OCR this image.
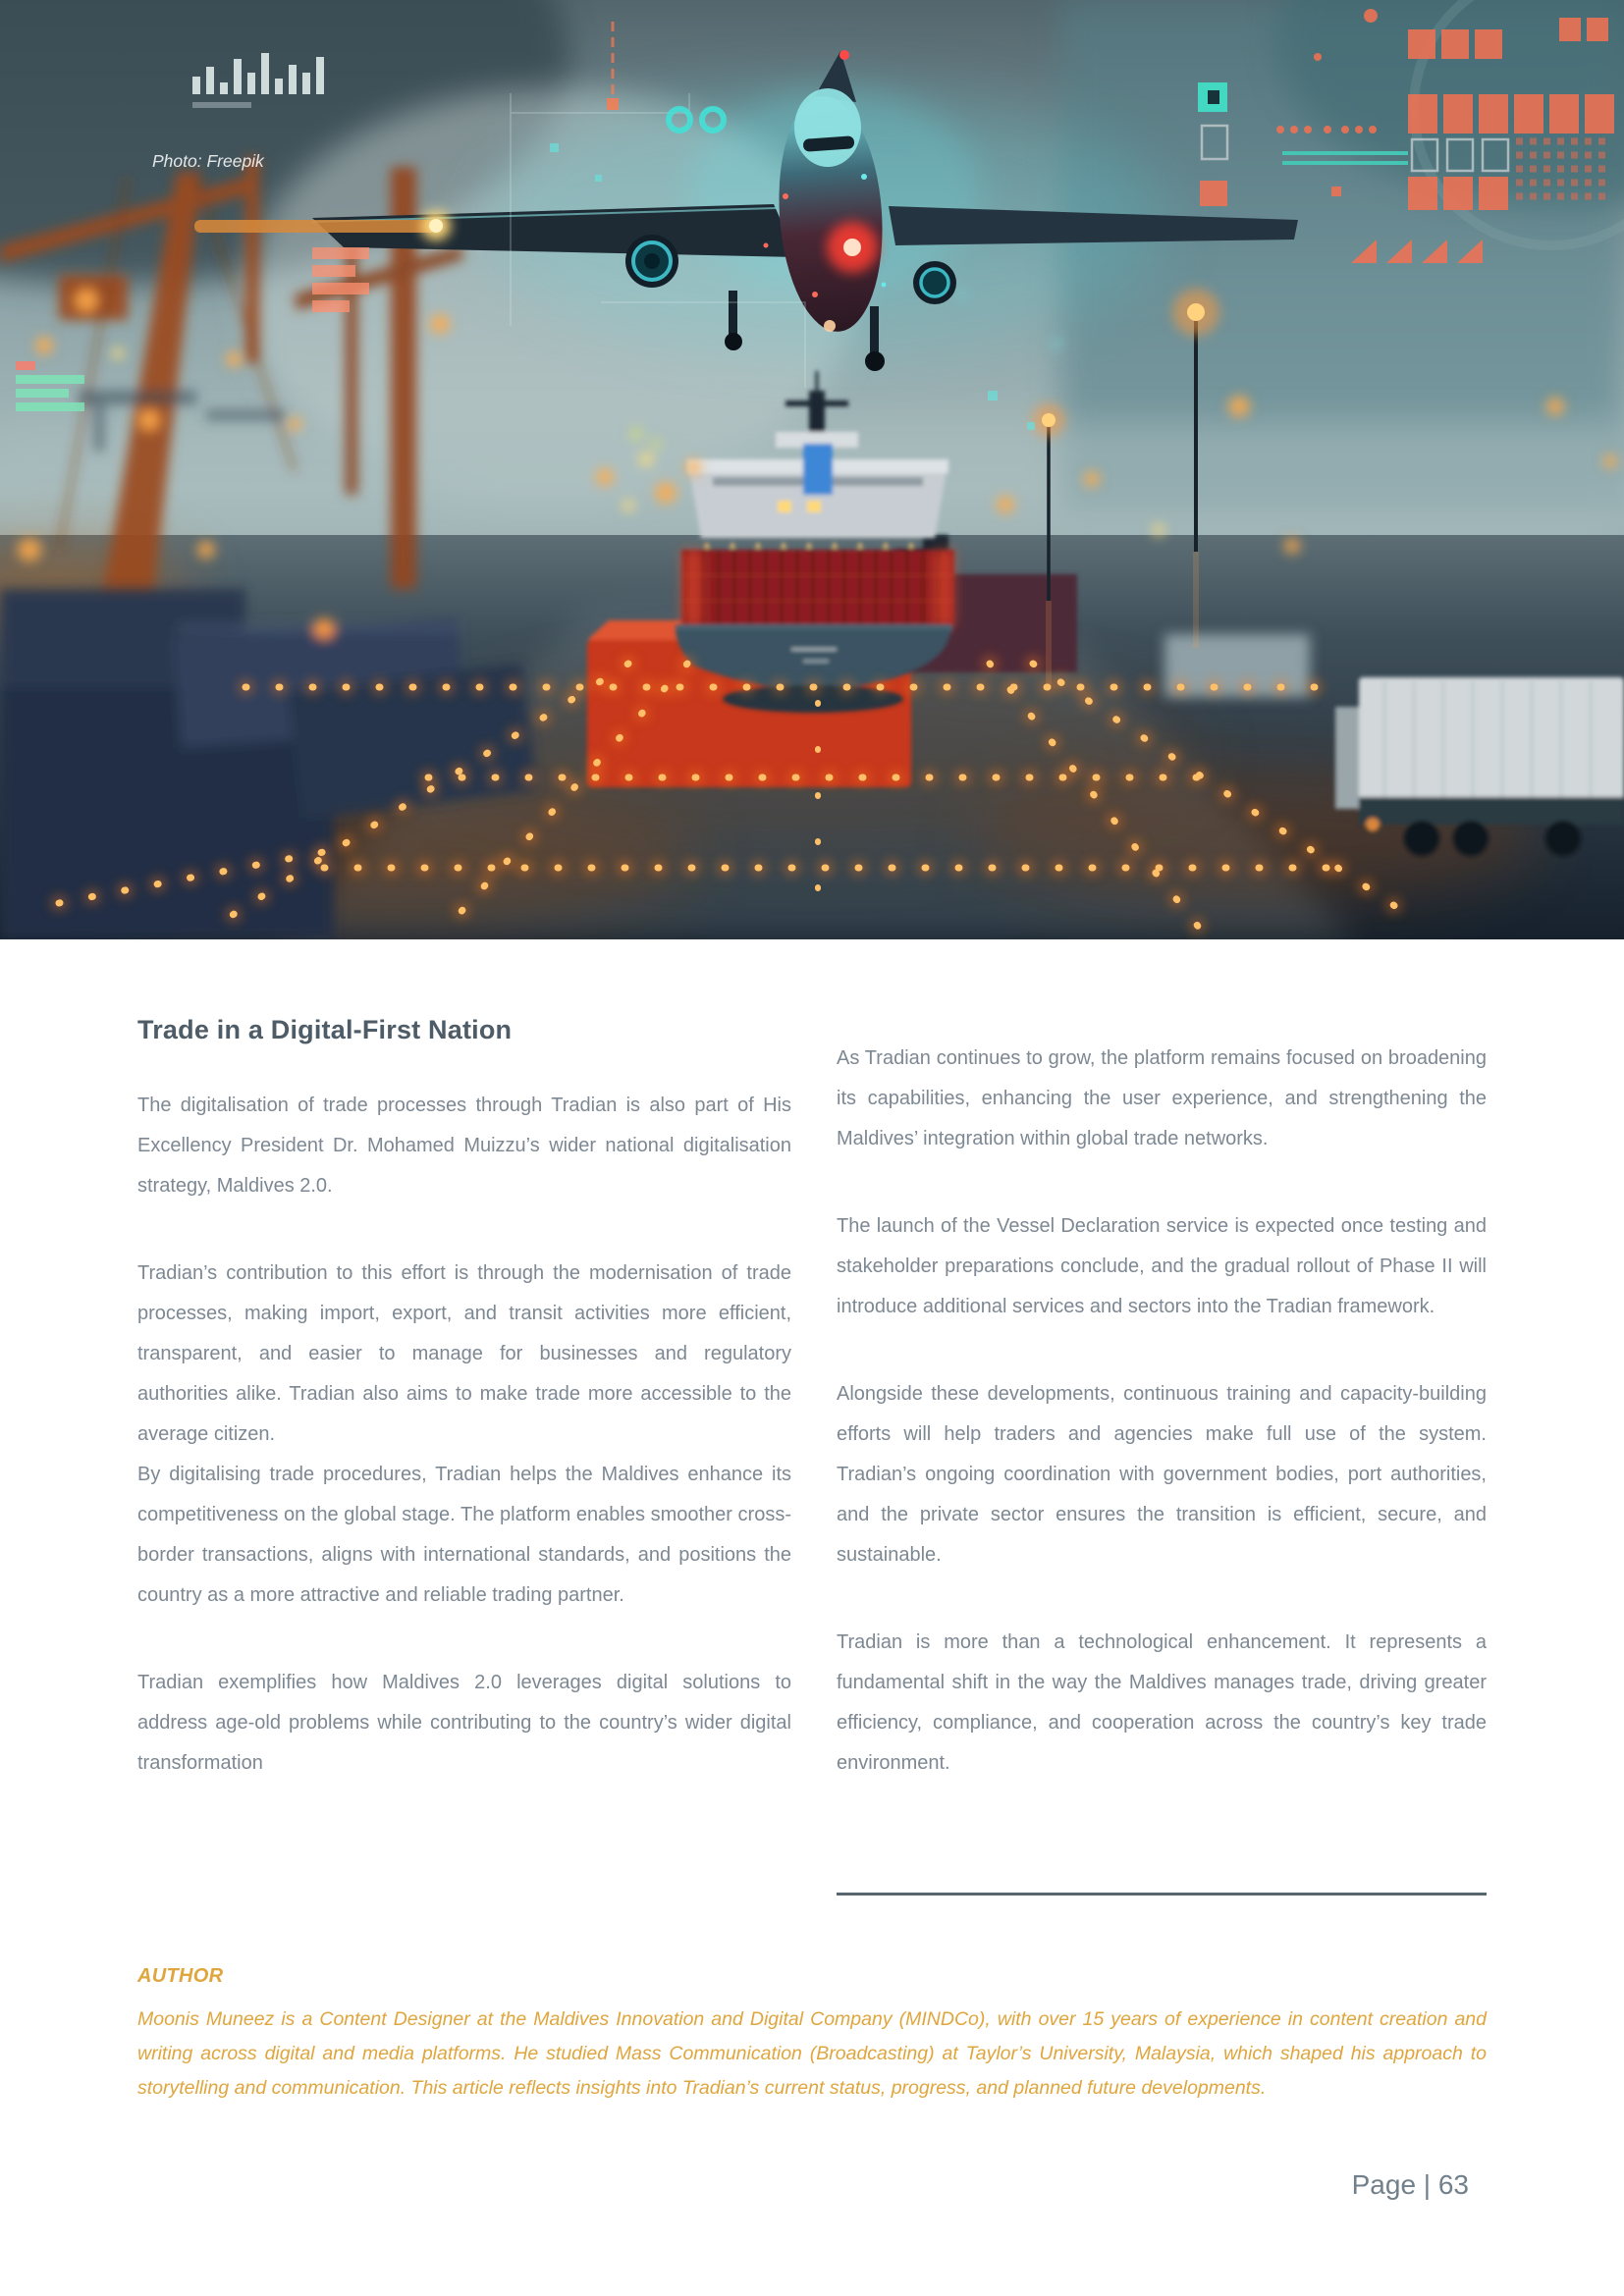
Photo: Freepik
Trade in a Digital-First Nation

The digitalisation of trade processes through Tradian is also part of His Excellency President Dr. Mohamed Muizzu’s wider national digitalisation strategy, Maldives 2.0.

Tradian’s contribution to this effort is through the modernisation of trade processes, making import, export, and transit activities more efficient, transparent, and easier to manage for businesses and regulatory authorities alike. Tradian also aims to make trade more accessible to the average citizen.

By digitalising trade procedures, Tradian helps the Maldives enhance its competitiveness on the global stage. The platform enables smoother cross-border transactions, aligns with international standards, and positions the country as a more attractive and reliable trading partner.

Tradian exemplifies how Maldives 2.0 leverages digital solutions to address age-old problems while contributing to the country’s wider digital transformation

As Tradian continues to grow, the platform remains focused on broadening its capabilities, enhancing the user experience, and strengthening the Maldives’ integration within global trade networks.

The launch of the Vessel Declaration service is expected once testing and stakeholder preparations conclude, and the gradual rollout of Phase II will introduce additional services and sectors into the Tradian framework.

Alongside these developments, continuous training and capacity-building efforts will help traders and agencies make full use of the system. Tradian’s ongoing coordination with government bodies, port authorities, and the private sector ensures the transition is efficient, secure, and sustainable.

Tradian is more than a technological enhancement. It represents a fundamental shift in the way the Maldives manages trade, driving greater efficiency, compliance, and cooperation across the country’s key trade environment.

AUTHOR

Moonis Muneez is a Content Designer at the Maldives Innovation and Digital Company (MINDCo), with over 15 years of experience in content creation and writing across digital and media platforms. He studied Mass Communication (Broadcasting) at Taylor’s University, Malaysia, which shaped his approach to storytelling and communication. This article reflects insights into Tradian’s current status, progress, and planned future developments.

Page | 63
